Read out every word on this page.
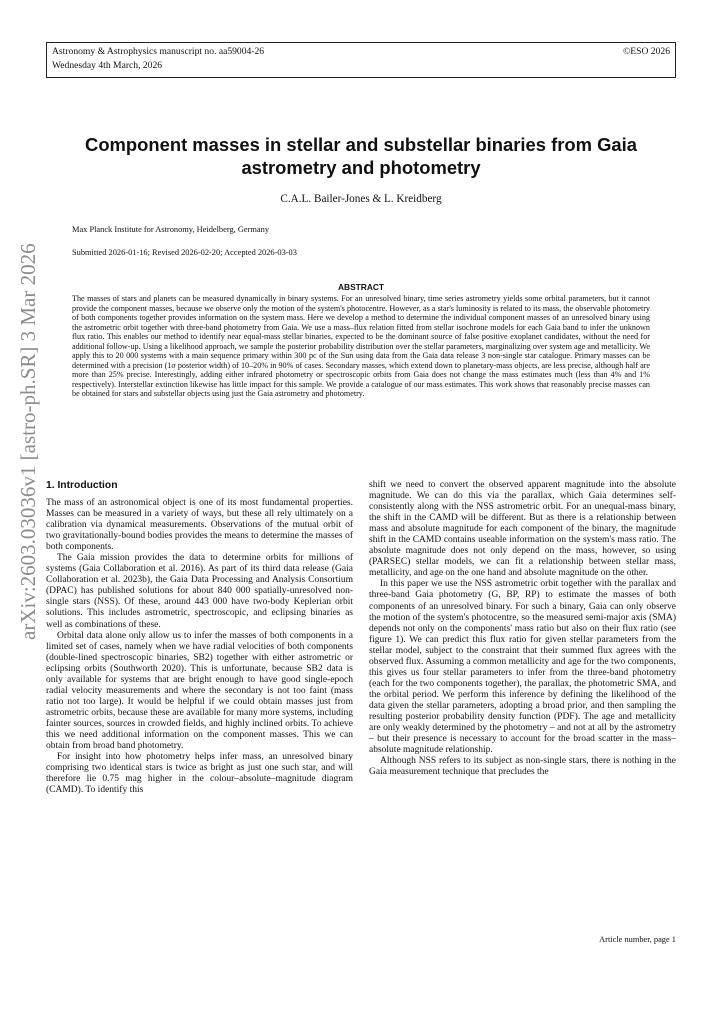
Astronomy & Astrophysics manuscript no. aa59004-26
Wednesday 4th March, 2026
©ESO 2026
Component masses in stellar and substellar binaries from Gaia astrometry and photometry
C.A.L. Bailer-Jones & L. Kreidberg
Max Planck Institute for Astronomy, Heidelberg, Germany
Submitted 2026-01-16; Revised 2026-02-20; Accepted 2026-03-03
ABSTRACT
The masses of stars and planets can be measured dynamically in binary systems. For an unresolved binary, time series astrometry yields some orbital parameters, but it cannot provide the component masses, because we observe only the motion of the system's photocentre. However, as a star's luminosity is related to its mass, the observable photometry of both components together provides information on the system mass. Here we develop a method to determine the individual component masses of an unresolved binary using the astrometric orbit together with three-band photometry from Gaia. We use a mass–flux relation fitted from stellar isochrone models for each Gaia band to infer the unknown flux ratio. This enables our method to identify near equal-mass stellar binaries, expected to be the dominant source of false positive exoplanet candidates, without the need for additional follow-up. Using a likelihood approach, we sample the posterior probability distribution over the stellar parameters, marginalizing over system age and metallicity. We apply this to 20 000 systems with a main sequence primary within 300 pc of the Sun using data from the Gaia data release 3 non-single star catalogue. Primary masses can be determined with a precision (1σ posterior width) of 10–20% in 90% of cases. Secondary masses, which extend down to planetary-mass objects, are less precise, although half are more than 25% precise. Interestingly, adding either infrared photometry or spectroscopic orbits from Gaia does not change the mass estimates much (less than 4% and 1% respectively). Interstellar extinction likewise has little impact for this sample. We provide a catalogue of our mass estimates. This work shows that reasonably precise masses can be obtained for stars and substellar objects using just the Gaia astrometry and photometry.
arXiv:2603.03036v1 [astro-ph.SR] 3 Mar 2026 1. Introduction

The mass of an astronomical object is one of its most fundamental properties. Masses can be measured in a variety of ways, but these all rely ultimately on a calibration via dynamical measurements. Observations of the mutual orbit of two gravitationally-bound bodies provides the means to determine the masses of both components.

The Gaia mission provides the data to determine orbits for millions of systems (Gaia Collaboration et al. 2016). As part of its third data release (Gaia Collaboration et al. 2023b), the Gaia Data Processing and Analysis Consortium (DPAC) has published solutions for about 840 000 spatially-unresolved non-single stars (NSS). Of these, around 443 000 have two-body Keplerian orbit solutions. This includes astrometric, spectroscopic, and eclipsing binaries as well as combinations of these.

Orbital data alone only allow us to infer the masses of both components in a limited set of cases, namely when we have radial velocities of both components (double-lined spectroscopic binaries, SB2) together with either astrometric or eclipsing orbits (Southworth 2020). This is unfortunate, because SB2 data is only available for systems that are bright enough to have good single-epoch radial velocity measurements and where the secondary is not too faint (mass ratio not too large). It would be helpful if we could obtain masses just from astrometric orbits, because these are available for many more systems, including fainter sources, sources in crowded fields, and highly inclined orbits. To achieve this we need additional information on the component masses. This we can obtain from broad band photometry.

For insight into how photometry helps infer mass, an unresolved binary comprising two identical stars is twice as bright as just one such star, and will therefore lie 0.75 mag higher in the colour–absolute–magnitude diagram (CAMD). To identify this

shift we need to convert the observed apparent magnitude into the absolute magnitude. We can do this via the parallax, which Gaia determines self-consistently along with the NSS astrometric orbit. For an unequal-mass binary, the shift in the CAMD will be different. But as there is a relationship between mass and absolute magnitude for each component of the binary, the magnitude shift in the CAMD contains useable information on the system's mass ratio. The absolute magnitude does not only depend on the mass, however, so using (PARSEC) stellar models, we can fit a relationship between stellar mass, metallicity, and age on the one hand and absolute magnitude on the other.

In this paper we use the NSS astrometric orbit together with the parallax and three-band Gaia photometry (G, BP, RP) to estimate the masses of both components of an unresolved binary. For such a binary, Gaia can only observe the motion of the system's photocentre, so the measured semi-major axis (SMA) depends not only on the components' mass ratio but also on their flux ratio (see figure 1). We can predict this flux ratio for given stellar parameters from the stellar model, subject to the constraint that their summed flux agrees with the observed flux. Assuming a common metallicity and age for the two components, this gives us four stellar parameters to infer from the three-band photometry (each for the two components together), the parallax, the photometric SMA, and the orbital period. We perform this inference by defining the likelihood of the data given the stellar parameters, adopting a broad prior, and then sampling the resulting posterior probability density function (PDF). The age and metallicity are only weakly determined by the photometry – and not at all by the astrometry – but their presence is necessary to account for the broad scatter in the mass–absolute magnitude relationship.

Although NSS refers to its subject as non-single stars, there is nothing in the Gaia measurement technique that precludes the

Article number, page 1
